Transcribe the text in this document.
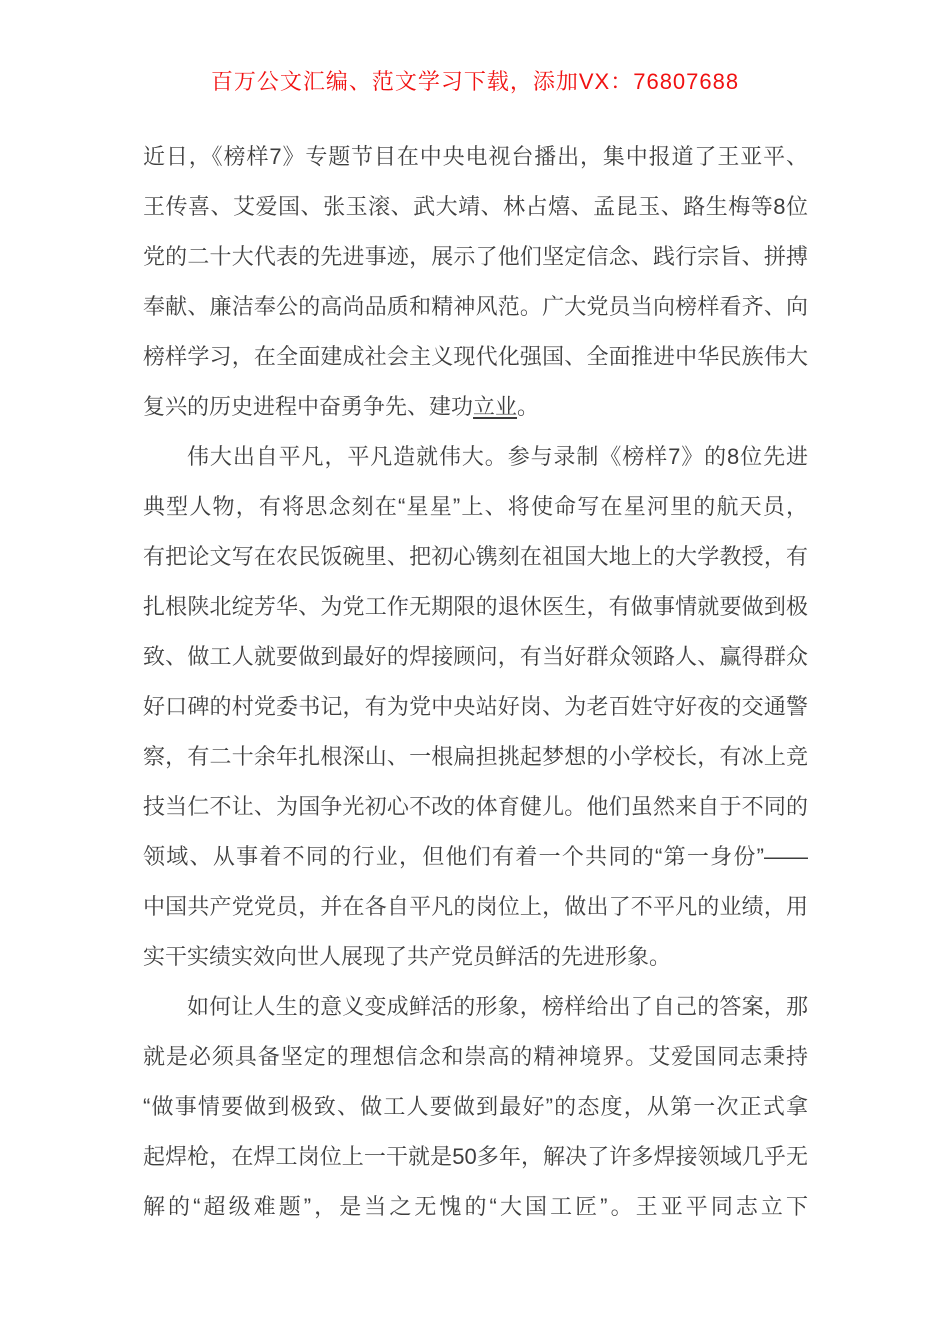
百万公文汇编、范文学习下载，添加VX：76807688
近日，《榜样7》专题节目在中央电视台播出，集中报道了王亚平、
王传喜、艾爱国、张玉滚、武大靖、林占熺、孟昆玉、路生梅等8位
党的二十大代表的先进事迹，展示了他们坚定信念、践行宗旨、拼搏
奉献、廉洁奉公的高尚品质和精神风范。广大党员当向榜样看齐、向
榜样学习，在全面建成社会主义现代化强国、全面推进中华民族伟大
复兴的历史进程中奋勇争先、建功立业。
伟大出自平凡，平凡造就伟大。参与录制《榜样7》的8位先进
典型人物，有将思念刻在“星星”上、将使命写在星河里的航天员，
有把论文写在农民饭碗里、把初心镌刻在祖国大地上的大学教授，有
扎根陕北绽芳华、为党工作无期限的退休医生，有做事情就要做到极
致、做工人就要做到最好的焊接顾问，有当好群众领路人、赢得群众
好口碑的村党委书记，有为党中央站好岗、为老百姓守好夜的交通警
察，有二十余年扎根深山、一根扁担挑起梦想的小学校长，有冰上竞
技当仁不让、为国争光初心不改的体育健儿。他们虽然来自于不同的
领域、从事着不同的行业，但他们有着一个共同的“第一身份”——
中国共产党党员，并在各自平凡的岗位上，做出了不平凡的业绩，用
实干实绩实效向世人展现了共产党员鲜活的先进形象。
如何让人生的意义变成鲜活的形象，榜样给出了自己的答案，那
就是必须具备坚定的理想信念和崇高的精神境界。艾爱国同志秉持
“做事情要做到极致、做工人要做到最好”的态度，从第一次正式拿
起焊枪，在焊工岗位上一干就是50多年，解决了许多焊接领域几乎无
解的“超级难题”，是当之无愧的“大国工匠”。王亚平同志立下
